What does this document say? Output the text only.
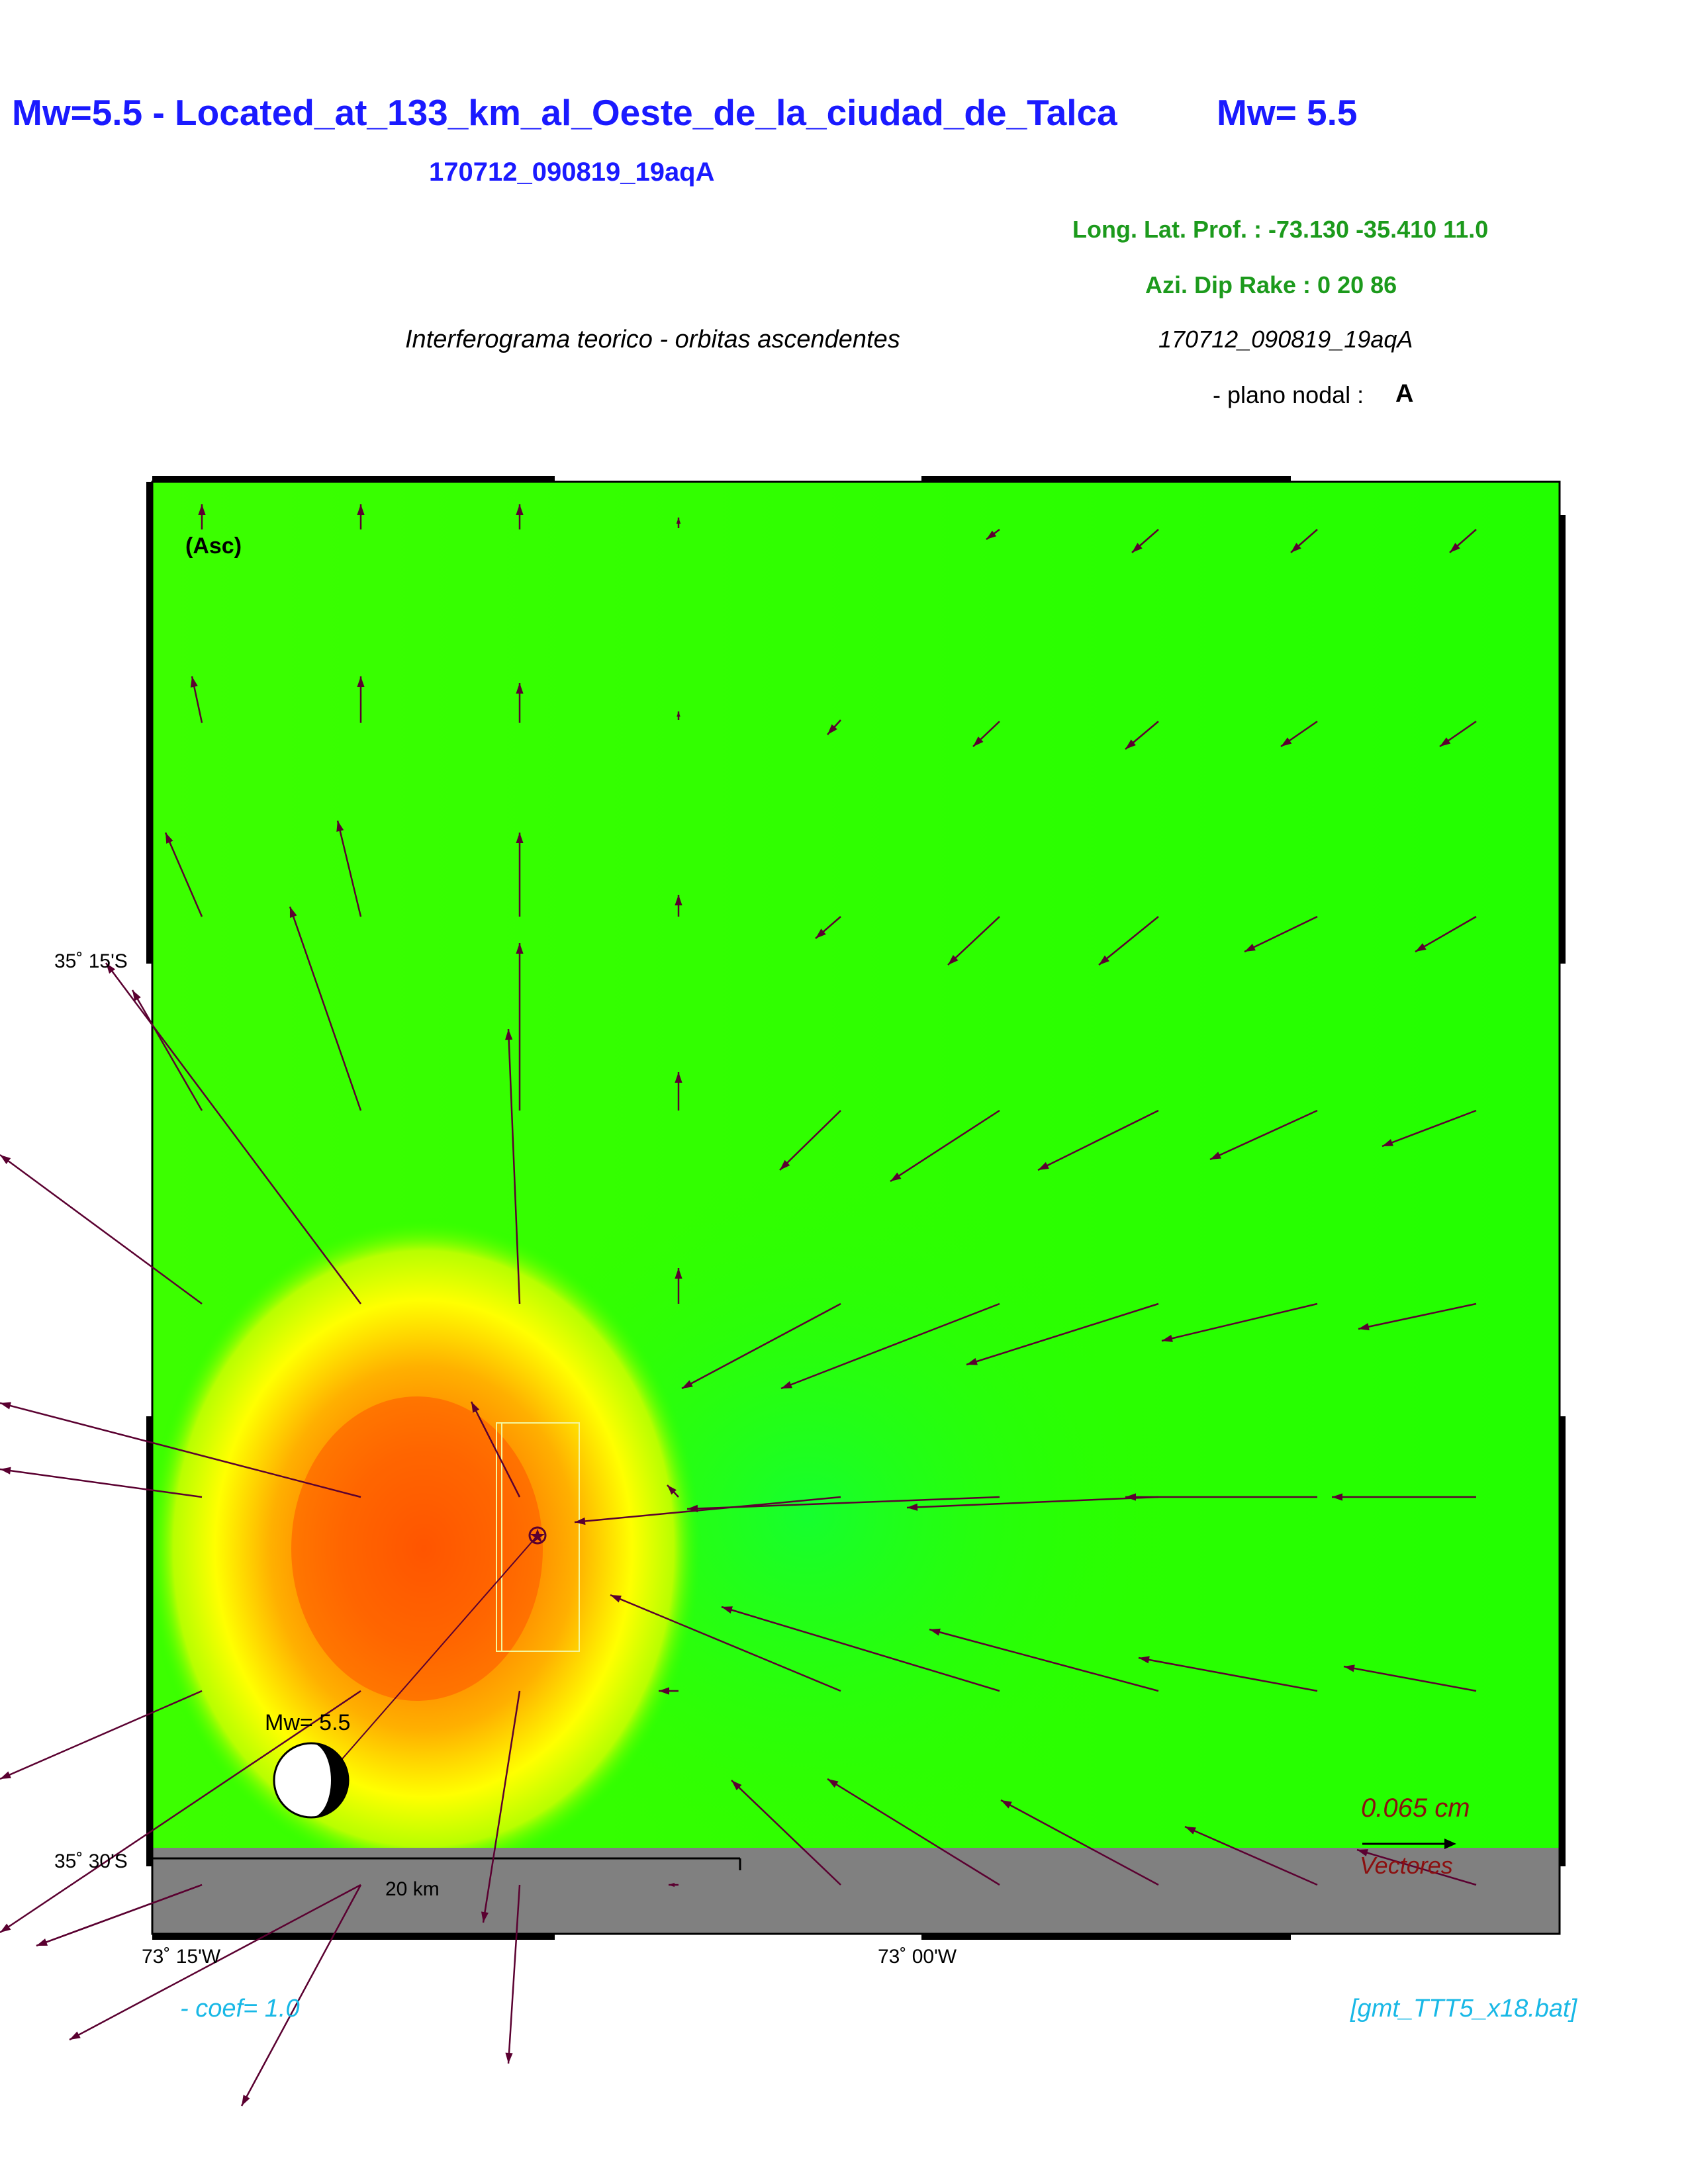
Mw=5.5 - Located_at_133_km_al_Oeste_de_la_ciudad_de_Talca	Mw= 5.5
170712_090819_19aqA
Long. Lat. Prof. : -73.130 -35.410 11.0
Azi. Dip Rake : 0 20 86
Interferograma teorico - orbitas ascendentes	170712_090819_19aqA
- plano nodal : A
(Asc)
35˚ 15'S
35˚ 30'S
73˚ 15'W	73˚ 00'W
20 km
Mw= 5.5
0.065 cm
Vectores
- coef= 1.0	[gmt_TTT5_x18.bat]
